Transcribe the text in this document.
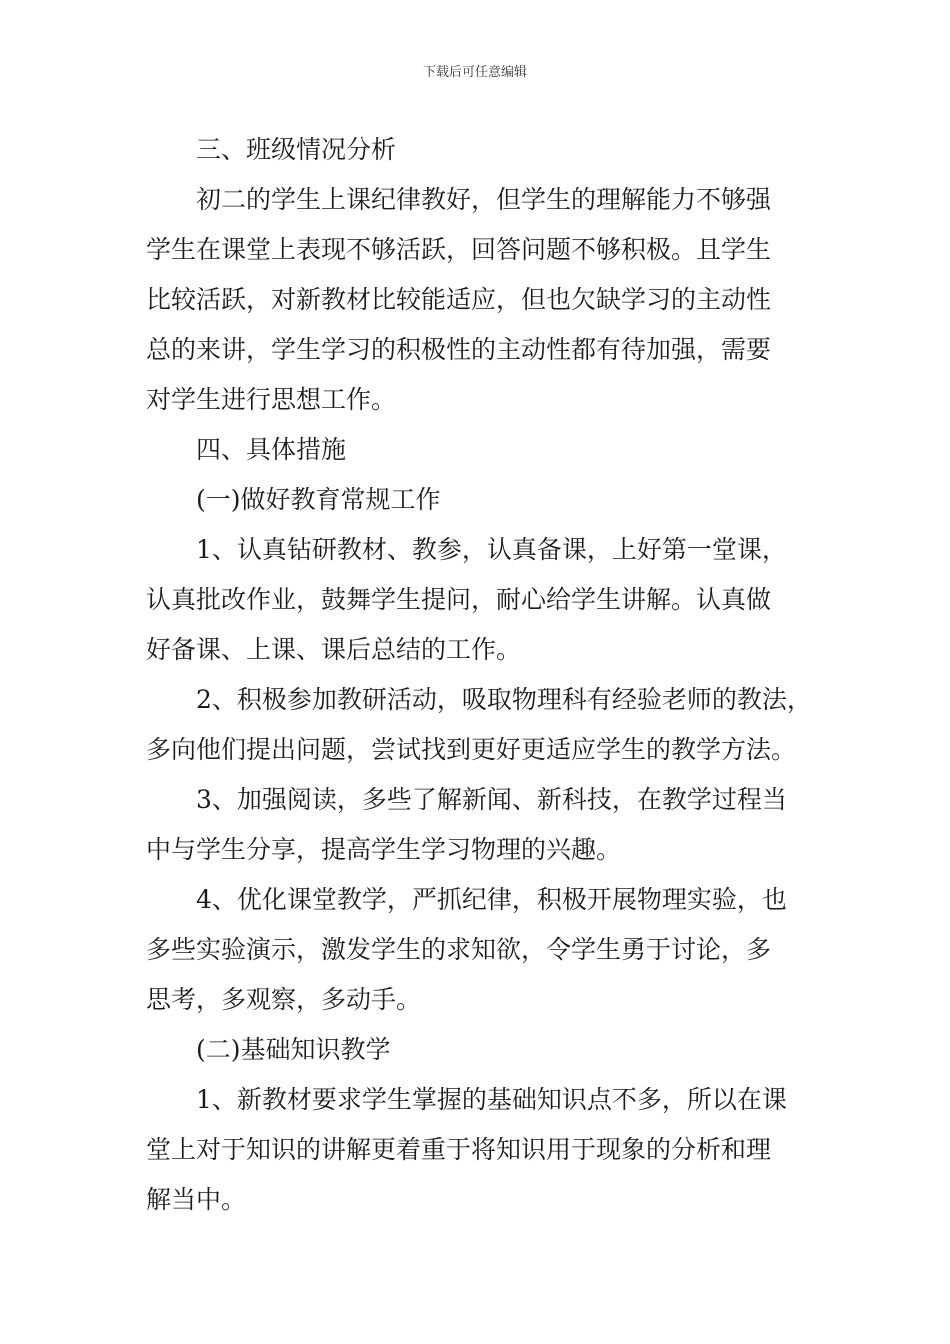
下载后可任意编辑
三、班级情况分析
初二的学生上课纪律教好，但学生的理解能力不够强
学生在课堂上表现不够活跃，回答问题不够积极。且学生
比较活跃，对新教材比较能适应，但也欠缺学习的主动性
总的来讲，学生学习的积极性的主动性都有待加强，需要
对学生进行思想工作。
四、具体措施
(一)做好教育常规工作
1、认真钻研教材、教参，认真备课，上好第一堂课，
认真批改作业，鼓舞学生提问，耐心给学生讲解。认真做
好备课、上课、课后总结的工作。
2、积极参加教研活动，吸取物理科有经验老师的教法，
多向他们提出问题，尝试找到更好更适应学生的教学方法。
3、加强阅读，多些了解新闻、新科技，在教学过程当
中与学生分享，提高学生学习物理的兴趣。
4、优化课堂教学，严抓纪律，积极开展物理实验，也
多些实验演示，激发学生的求知欲，令学生勇于讨论，多
思考，多观察，多动手。
(二)基础知识教学
1、新教材要求学生掌握的基础知识点不多，所以在课
堂上对于知识的讲解更着重于将知识用于现象的分析和理
解当中。
